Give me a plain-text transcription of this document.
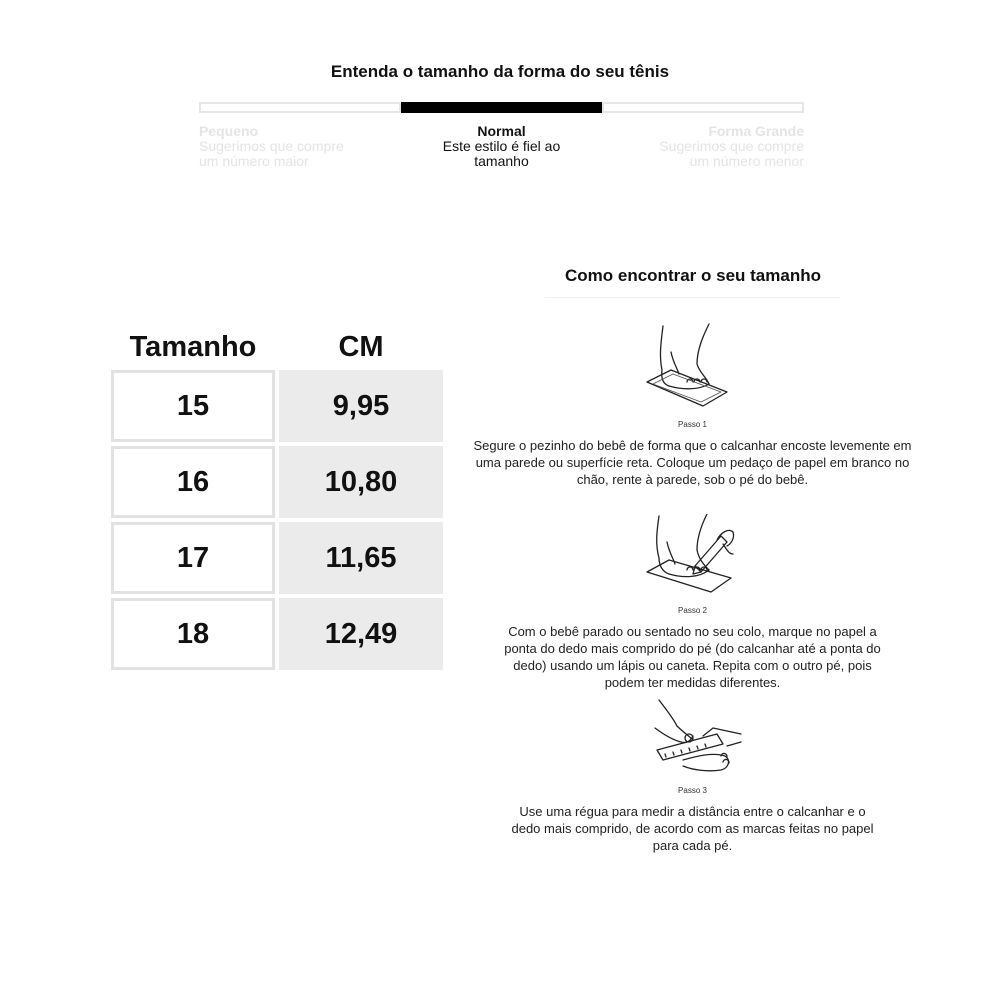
Entenda o tamanho da forma do seu tênis
Pequeno
Sugerimos que compre um número maior
Normal
Este estilo é fiel ao tamanho
Forma Grande
Sugerimos que compre um número menor
Tamanho	CM
15	9,95
16	10,80
17	11,65
18	12,49
Como encontrar o seu tamanho
Passo 1
Segure o pezinho do bebê de forma que o calcanhar encoste levemente em uma parede ou superfície reta. Coloque um pedaço de papel em branco no chão, rente à parede, sob o pé do bebê.
Passo 2
Com o bebê parado ou sentado no seu colo, marque no papel a ponta do dedo mais comprido do pé (do calcanhar até a ponta do dedo) usando um lápis ou caneta. Repita com o outro pé, pois podem ter medidas diferentes.
Passo 3
Use uma régua para medir a distância entre o calcanhar e o dedo mais comprido, de acordo com as marcas feitas no papel para cada pé.
